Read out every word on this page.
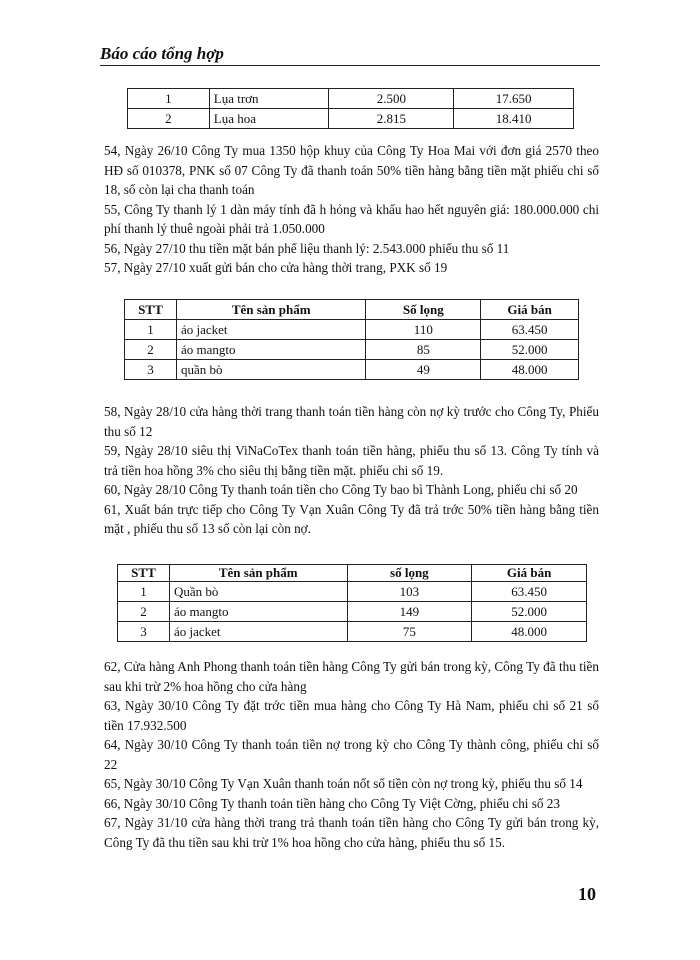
Báo cáo tổng hợp
1	Lụa trơn	2.500	17.650
2	Lụa hoa	2.815	18.410

54, Ngày 26/10 Công Ty mua 1350 hộp khuy của Công Ty Hoa Mai với đơn giá 2570 theo HĐ số 010378, PNK số 07 Công Ty đã thanh toán 50% tiền hàng bằng tiền mặt phiếu chi số 18, số còn lại cha thanh toán

55, Công Ty thanh lý 1 dàn máy tính đã h hỏng và khấu hao hết nguyên giá: 180.000.000 chi phí thanh lý thuê ngoài phải trả 1.050.000

56, Ngày 27/10 thu tiền mặt bán phế liệu thanh lý: 2.543.000 phiếu thu số 11

57, Ngày 27/10 xuất gửi bán cho cửa hàng thời trang, PXK số 19

STT	Tên sản phẩm	Số lọng	Giá bán
1	áo jacket	110	63.450
2	áo mangto	85	52.000
3	quần bò	49	48.000

58, Ngày 28/10 cửa hàng thời trang thanh toán tiền hàng còn nợ kỳ trước cho Công Ty, Phiếu thu số 12

59, Ngày 28/10 siêu thị ViNaCoTex thanh toán tiền hàng, phiếu thu số 13. Công Ty tính và trả tiền hoa hồng 3% cho siêu thị bằng tiền mặt. phiếu chi số 19.

60, Ngày 28/10 Công Ty thanh toán tiền cho Công Ty bao bì Thành Long, phiếu chi số 20

61, Xuất bán trực tiếp cho Công Ty Vạn Xuân Công Ty đã trả trớc 50% tiền hàng bằng tiền mặt , phiếu thu số 13 số còn lại còn nợ.

STT	Tên sản phẩm	số lọng	Giá bán
1	Quần bò	103	63.450
2	áo mangto	149	52.000
3	áo jacket	75	48.000

62, Cửa hàng Anh Phong thanh toán tiền hàng Công Ty gửi bán trong kỳ, Công Ty đã thu tiền sau khi trừ 2% hoa hồng cho cửa hàng

63, Ngày 30/10 Công Ty đặt trớc tiền mua hàng cho Công Ty Hà Nam, phiếu chi số 21 số tiền 17.932.500

64, Ngày 30/10 Công Ty thanh toán tiền nợ trong kỳ cho Công Ty thành công, phiếu chi số 22

65, Ngày 30/10 Công Ty Vạn Xuân thanh toán nốt số tiền còn nợ trong kỳ, phiếu thu số 14

66, Ngày 30/10 Công Ty thanh toán tiền hàng cho Công Ty Việt Cờng, phiếu chi số 23

67, Ngày 31/10 cửa hàng thời trang trả thanh toán tiền hàng cho Công Ty gửi bán trong kỳ, Công Ty đã thu tiền sau khi trừ 1% hoa hồng cho cửa hàng, phiếu thu số 15.

10
